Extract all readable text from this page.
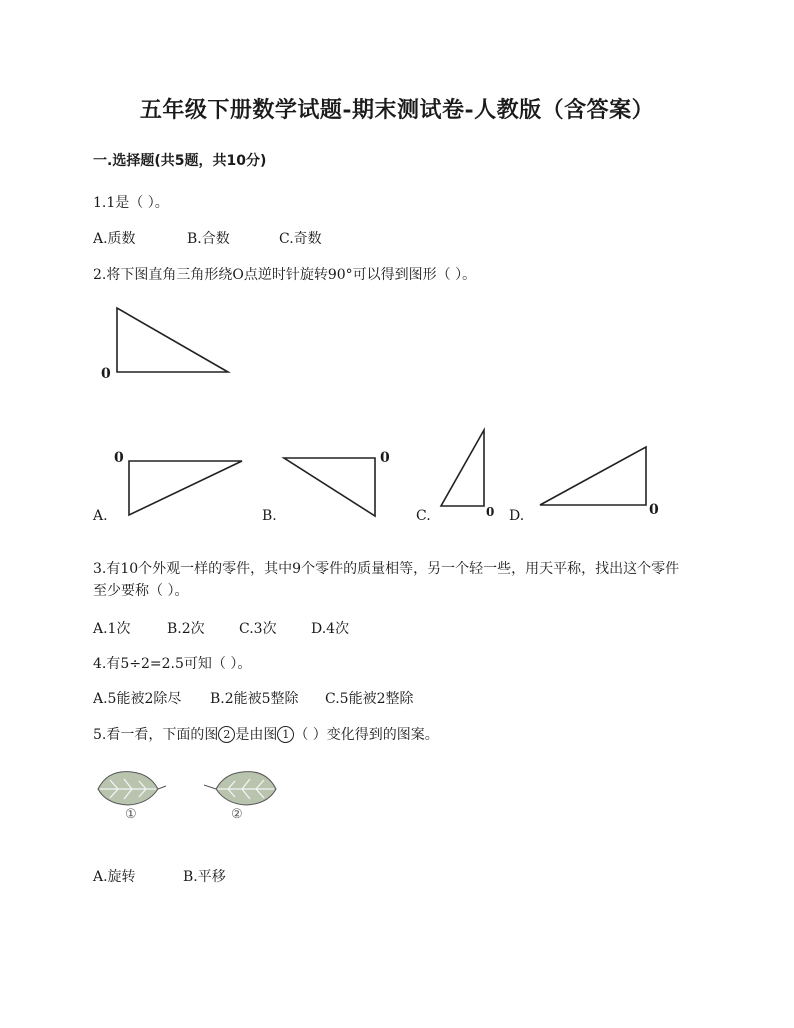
五年级下册数学试题-期末测试卷-人教版（含答案）
一.选择题(共5题，共10分)
1.1是（ ）。
A.质数	B.合数	C.奇数
2.将下图直角三角形绕O点逆时针旋转90°可以得到图形（ ）。
0
0	0
0	0
A.	B.	C.	D.
3.有10个外观一样的零件，其中9个零件的质量相等，另一个轻一些，用天平称，找出这个零件至少要称（ ）。
A.1次	B.2次 C.3次 D.4次
4.有5÷2=2.5可知（ ）。
A.5能被2除尽 B.2能被5整除 C.5能被2整除
5.看一看，下面的图 2 是由图 1 （ ）变化得到的图案。
①	②
A.旋转	B.平移
